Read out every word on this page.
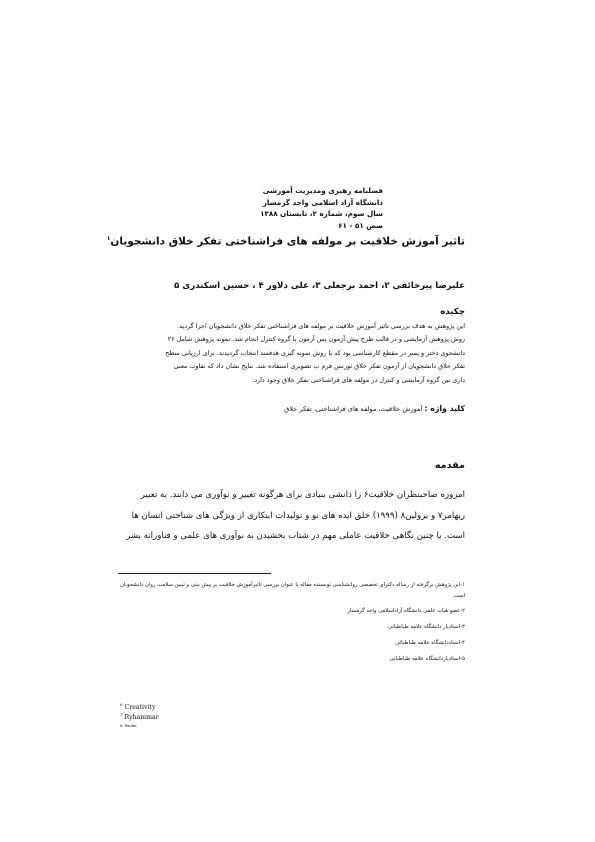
فصلنامه رهبری ومدیریت آموزشی
دانشگاه آزاد اسلامی واحد گرمسار
سال سوم، شماره ۲، تابستان ۱۳۸۸
صص ۵۱ - ۶۱
تاثیر آموزش خلاقیت بر مولفه های فراشناختی تفکر خلاق دانشجویان$^۱$
علیرضا پیرخائفی ۲، احمد برجعلی ۳، علی دلاور ۴ ، حسین اسکندری ۵
چکیده
این پژوهش به هدف بررسی تاثیر آموزش خلاقیت بر مولفه های فراشناختی تفکر خلاق دانشجویان اجرا گردید.
روش پژوهش آزمایشی و در قالب طرح پیش آزمون پس آزمون با گروه کنترل انجام شد. نمونه پژوهش شامل ۲۶
دانشجوی دختر و پسر در مقطع کارشناسی بود که با روش نمونه گیری هدفمند انتخاب گردیدند. برای ارزیابی سطح
تفکر خلاق دانشجویان از آزمون تفکر خلاق تورنس فرم ب تصویری استفاده شد. نتایج نشان داد که تفاوت معنی
داری بین گروه آزمایشی و کنترل در مولفه های فراشناختی تفکر خلاق وجود دارد.
کلید واژه : آموزش خلاقیت، مولفه های فراشناختی، تفکر خلاق
مقدمه
امروزه صاحبنظران خلاقیت۶ را دانشی بنیادی برای هرگونه تغییر و نوآوری می دانند. به تعبیر
ریهامر۷ و برولین۸ (۱۹۹۹) خلق ایده های نو و تولیدات ابتکاری از ویژگی های شناختی انسان ها
است. با چنین نگاهی خلاقیت عاملی مهم در شتاب بخشیدن به نوآوری های علمی و فناورانه بشر
۱-این پژوهش برگرفته از رساله دکترای تخصصی روانشناسی نویسنده مقاله با عنوان بررسی تاثیرآموزش خلاقیت بر پیش بینی و تبیین سلامت روان دانشجویان است.
۲-عضو هیات علمی دانشگاه آزاداسلامی واحد گرمسار
۳-استادیار دانشگاه علامه طباطبائی
۴-استاددانشگاه علامه طباطبائی
۵-استادیاردانشگاه علامه طباطبائی
$^6$ Creativity
$^7$ Ryhammar
8. Brolin
